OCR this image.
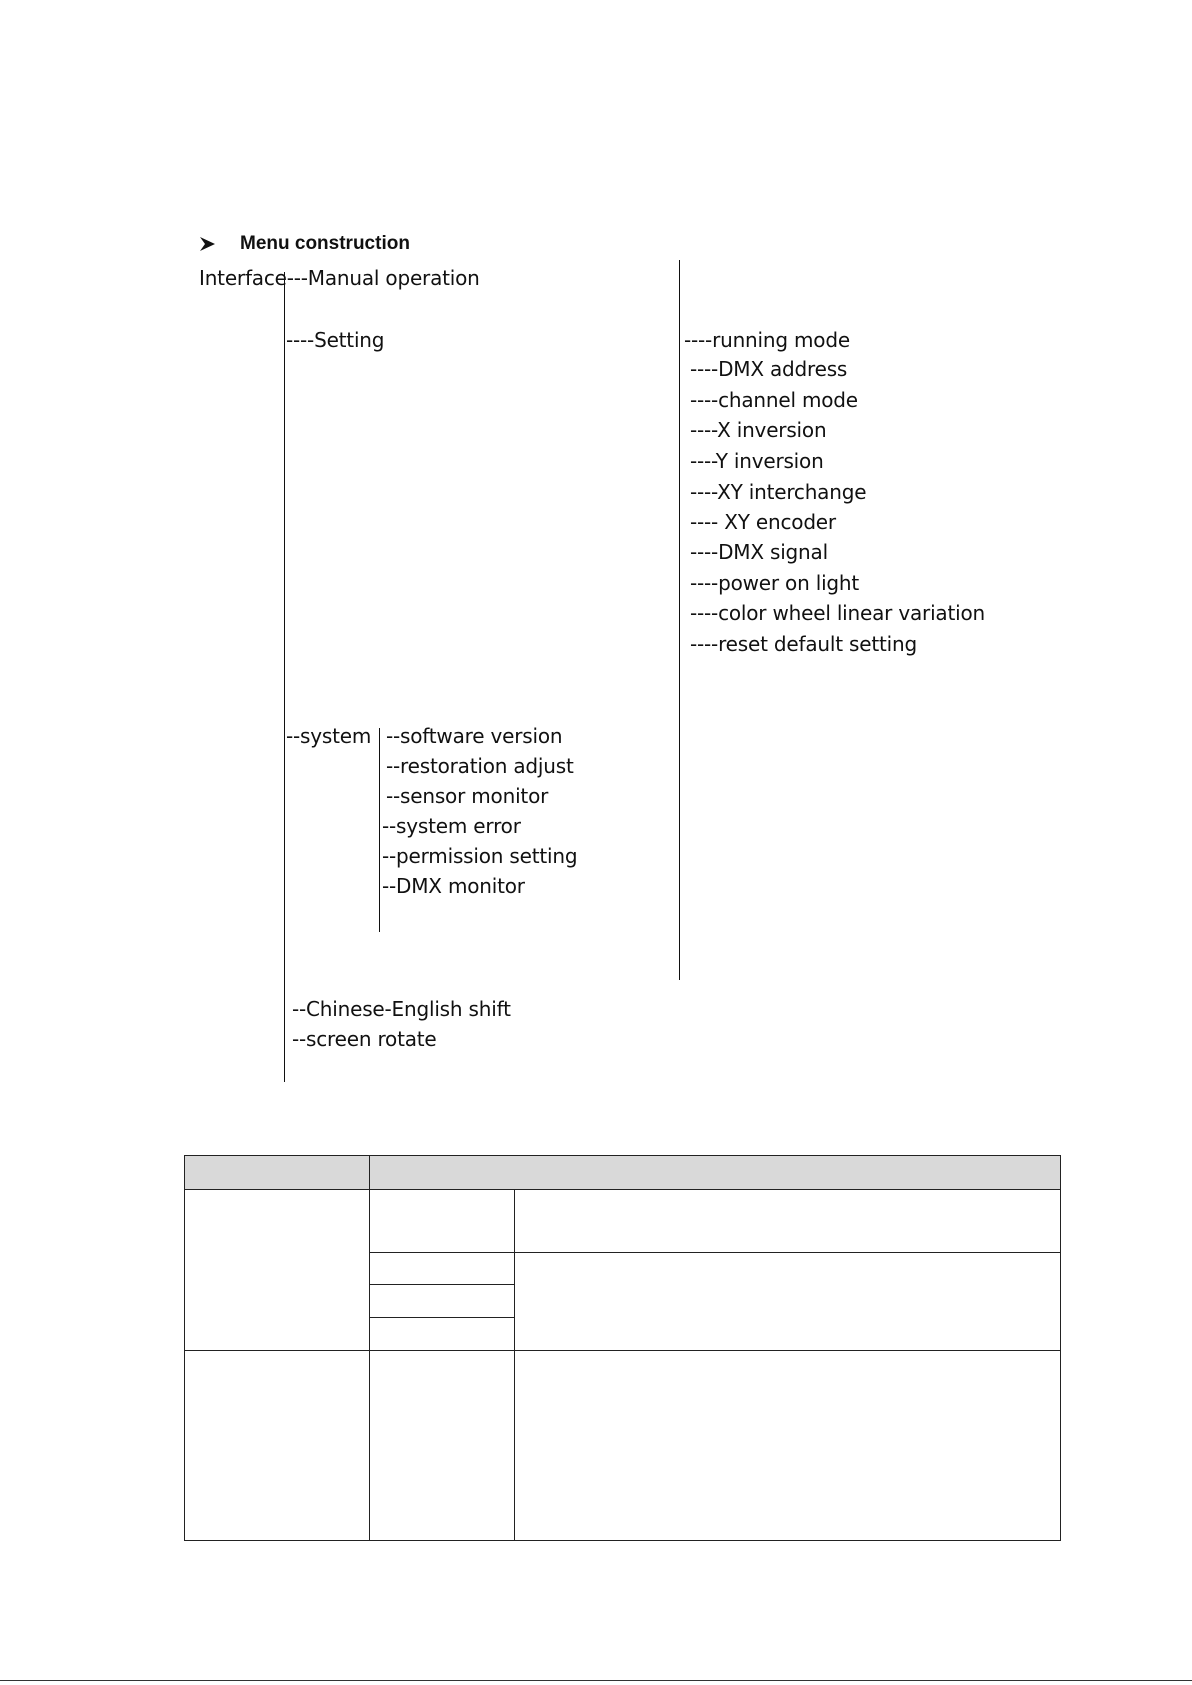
Menu construction
Interface---Manual operation
----Setting	----running mode
----DMX address
----channel mode
----X inversion
----Y inversion
----XY interchange
---- XY encoder
----DMX signal
----power on light
----color wheel linear variation
----reset default setting
--system --software version
--restoration adjust
--sensor monitor
--system error
--permission setting
--DMX monitor
--Chinese-English shift
--screen rotate
